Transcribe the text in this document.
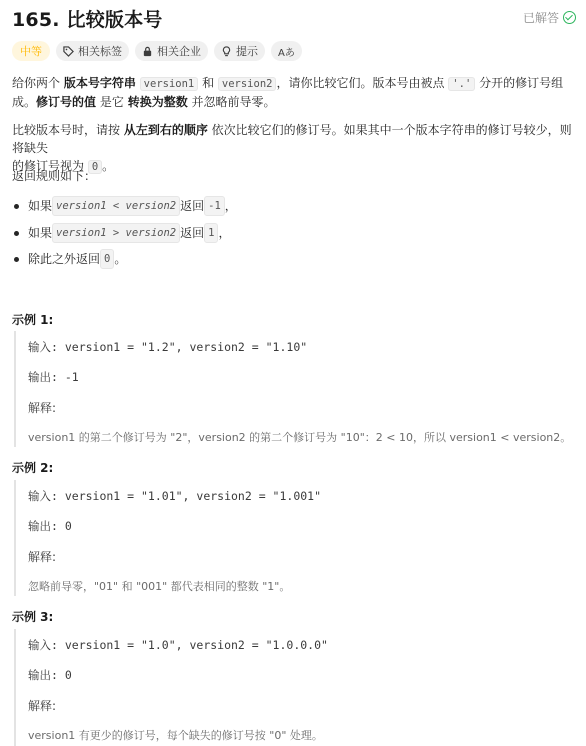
165. 比较版本号	已解答
中等	相关标签	相关企业	提示 Aあ
给你两个 版本号字符串 version1 和 version2 ，请你比较它们。版本号由被点 '.' 分开的修订号组成。修订号的值 是它 转换为整数 并忽略前导零。
比较版本号时，请按 从左到右的顺序 依次比较它们的修订号。如果其中一个版本字符串的修订号较少，则将缺失
的修订号视为 0 。
返回规则如下：
如果 version1 < version2 返回 -1 ，
如果 version1 > version2 返回 1 ，
除此之外返回 0 。
示例 1:
输入: version1 = "1.2", version2 = "1.10"
输出: -1
解释:
version1 的第二个修订号为 "2"，version2 的第二个修订号为 "10"：2 < 10，所以 version1 < version2。
示例 2:
输入: version1 = "1.01", version2 = "1.001"
输出: 0
解释:
忽略前导零，"01" 和 "001" 都代表相同的整数 "1"。
示例 3:
输入: version1 = "1.0", version2 = "1.0.0.0"
输出: 0
解释:
version1 有更少的修订号，每个缺失的修订号按 "0" 处理。
